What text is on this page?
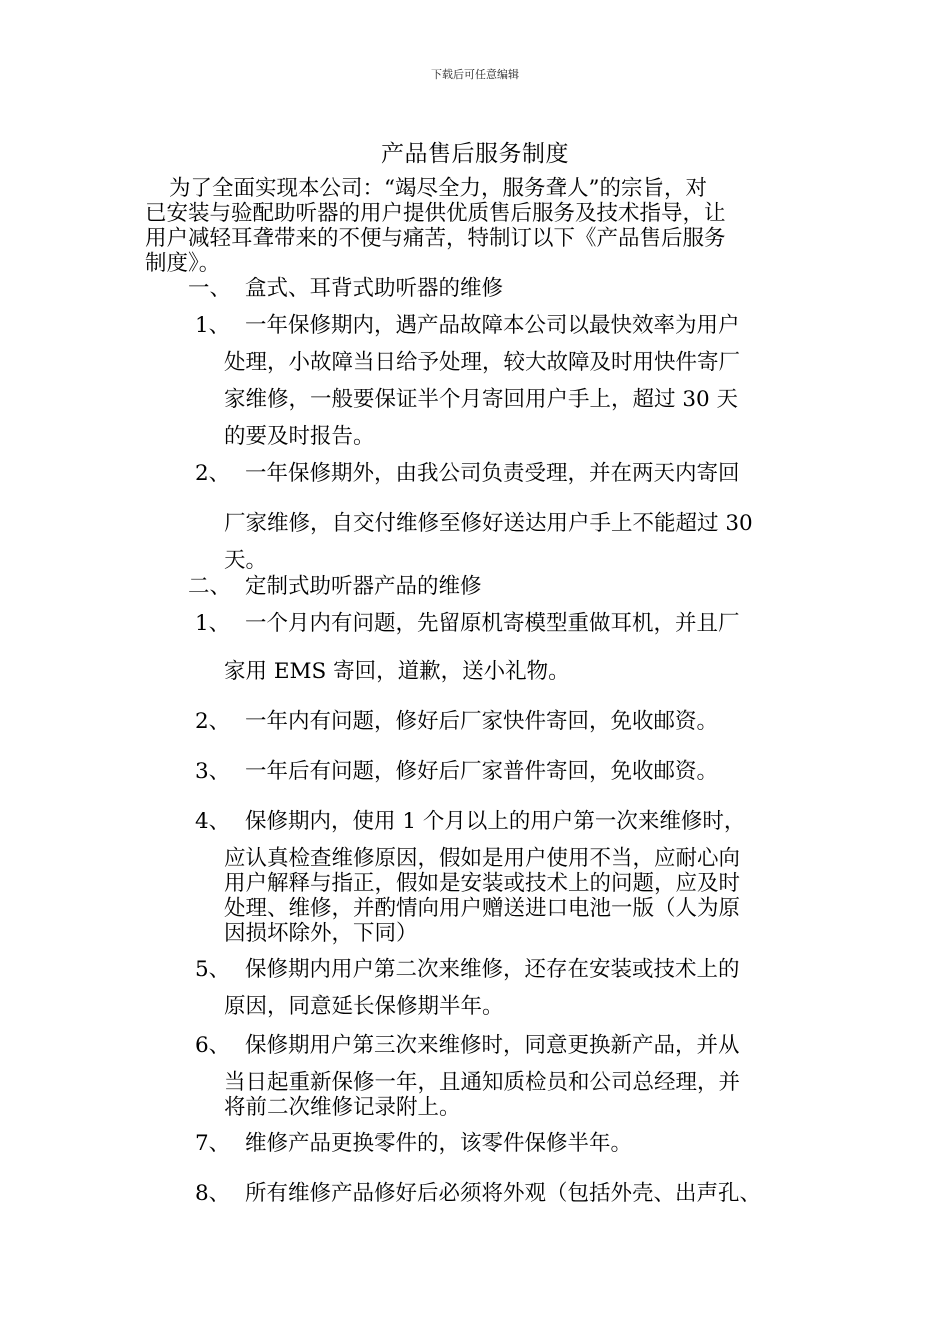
下载后可任意编辑
产品售后服务制度
为了全面实现本公司：“竭尽全力，服务聋人”的宗旨，对
已安装与验配助听器的用户提供优质售后服务及技术指导，让
用户减轻耳聋带来的不便与痛苦，特制订以下《产品售后服务
制度》。
一、 盒式、耳背式助听器的维修
1、 一年保修期内，遇产品故障本公司以最快效率为用户
处理，小故障当日给予处理，较大故障及时用快件寄厂
家维修，一般要保证半个月寄回用户手上，超过 30 天
的要及时报告。
2、 一年保修期外，由我公司负责受理，并在两天内寄回
厂家维修，自交付维修至修好送达用户手上不能超过 30
天。
二、 定制式助听器产品的维修
1、 一个月内有问题，先留原机寄模型重做耳机，并且厂
家用 EMS 寄回，道歉，送小礼物。
2、 一年内有问题，修好后厂家快件寄回，免收邮资。
3、 一年后有问题，修好后厂家普件寄回，免收邮资。
4、 保修期内，使用 1 个月以上的用户第一次来维修时，
应认真检查维修原因，假如是用户使用不当，应耐心向
用户解释与指正，假如是安装或技术上的问题，应及时
处理、维修，并酌情向用户赠送进口电池一版（人为原
因损坏除外，下同）
5、 保修期内用户第二次来维修，还存在安装或技术上的
原因，同意延长保修期半年。
6、 保修期用户第三次来维修时，同意更换新产品，并从
当日起重新保修一年，且通知质检员和公司总经理，并
将前二次维修记录附上。
7、 维修产品更换零件的，该零件保修半年。
8、 所有维修产品修好后必须将外观（包括外壳、出声孔、
